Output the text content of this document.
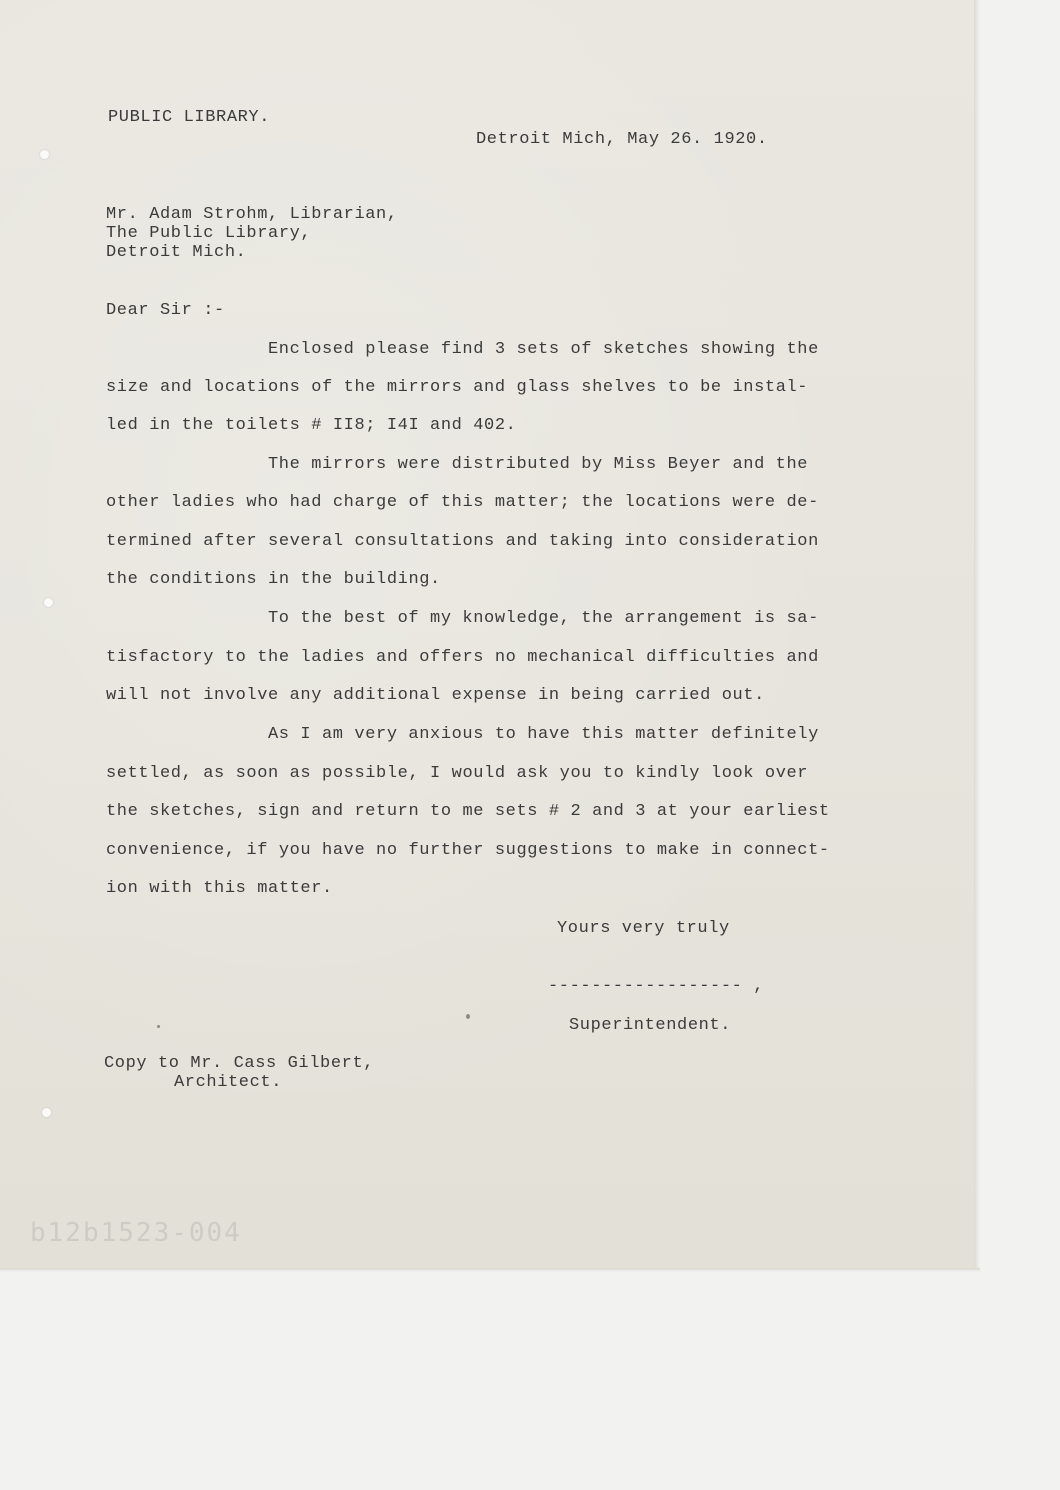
PUBLIC LIBRARY.

Detroit Mich, May 26. 1920.

Mr. Adam Strohm, Librarian,

The Public Library,

Detroit Mich.

Dear Sir :-

Enclosed please find 3 sets of sketches showing the

size and locations of the mirrors and glass shelves to be instal-

led in the toilets # II8; I4I and 402.

The mirrors were distributed by Miss Beyer and the

other ladies who had charge of this matter; the locations were de-

termined after several consultations and taking into consideration

the conditions in the building.

To the best of my knowledge, the arrangement is sa-

tisfactory to the ladies and offers no mechanical difficulties and

will not involve any additional expense in being carried out.

As I am very anxious to have this matter definitely

settled, as soon as possible, I would ask you to kindly look over

the sketches, sign and return to me sets # 2 and 3 at your earliest

convenience, if you have no further suggestions to make in connect-

ion with this matter.

Yours very truly

------------------ ,

Superintendent.

Copy to Mr. Cass Gilbert,

Architect.

b12b1523-004
